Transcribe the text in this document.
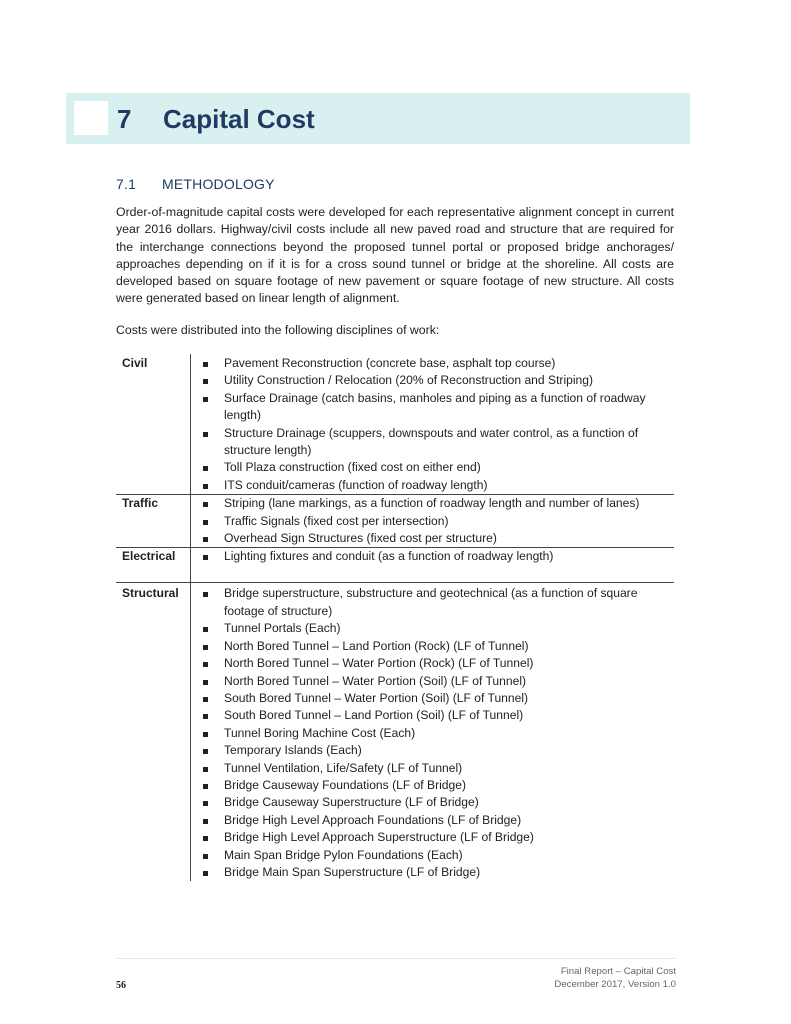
7 Capital Cost
7.1 METHODOLOGY

Order-of-magnitude capital costs were developed for each representative alignment concept in current year 2016 dollars. Highway/civil costs include all new paved road and structure that are required for the interchange connections beyond the proposed tunnel portal or proposed bridge anchorages/ approaches depending on if it is for a cross sound tunnel or bridge at the shoreline. All costs are developed based on square footage of new pavement or square footage of new structure. All costs were generated based on linear length of alignment.

Costs were distributed into the following disciplines of work:

Civil	Pavement Reconstruction (concrete base, asphalt top course)
Utility Construction / Relocation (20% of Reconstruction and Striping)
Surface Drainage (catch basins, manholes and piping as a function of roadway length)
Structure Drainage (scuppers, downspouts and water control, as a function of structure length)
Toll Plaza construction (fixed cost on either end)
ITS conduit/cameras (function of roadway length)
Traffic	Striping (lane markings, as a function of roadway length and number of lanes)
Traffic Signals (fixed cost per intersection)
Overhead Sign Structures (fixed cost per structure)
Electrical	Lighting fixtures and conduit (as a function of roadway length)
Structural	Bridge superstructure, substructure and geotechnical (as a function of square footage of structure)
Tunnel Portals (Each)
North Bored Tunnel – Land Portion (Rock) (LF of Tunnel)
North Bored Tunnel – Water Portion (Rock) (LF of Tunnel)
North Bored Tunnel – Water Portion (Soil) (LF of Tunnel)
South Bored Tunnel – Water Portion (Soil) (LF of Tunnel)
South Bored Tunnel – Land Portion (Soil) (LF of Tunnel)
Tunnel Boring Machine Cost (Each)
Temporary Islands (Each)
Tunnel Ventilation, Life/Safety (LF of Tunnel)
Bridge Causeway Foundations (LF of Bridge)
Bridge Causeway Superstructure (LF of Bridge)
Bridge High Level Approach Foundations (LF of Bridge)
Bridge High Level Approach Superstructure (LF of Bridge)
Main Span Bridge Pylon Foundations (Each)
Bridge Main Span Superstructure (LF of Bridge)
56
Final Report – Capital Cost
December 2017, Version 1.0
